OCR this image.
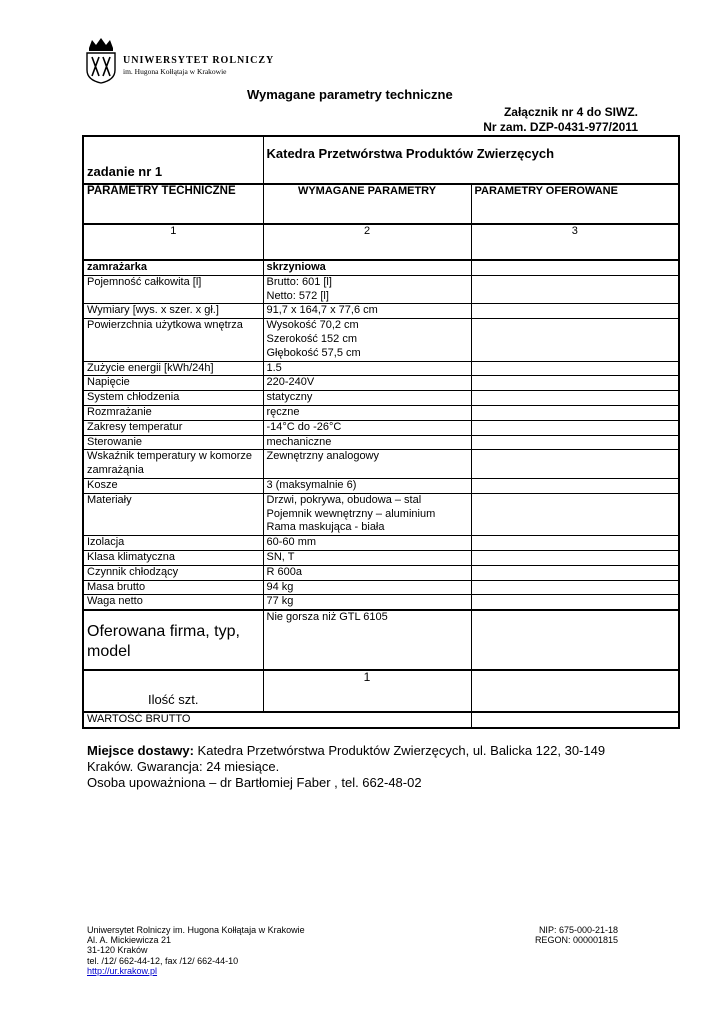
UNIWERSYTET ROLNICZY
im. Hugona Kołłątaja w Krakowie
Wymagane parametry techniczne
Załącznik nr 4 do SIWZ.
Nr zam. DZP-0431-977/2011
zadanie nr 1	Katedra Przetwórstwa Produktów Zwierzęcych	
PARAMETRY TECHNICZNE	WYMAGANE PARAMETRY	PARAMETRY OFEROWANE
1	2	3
zamrażarka	skrzyniowa	
Pojemność całkowita [l]	Brutto: 601 [l]
Netto: 572 [l]	

Wymiary [wys. x szer. x gł.]	91,7 x 164,7 x 77,6 cm	

Powierzchnia użytkowa wnętrza	Wysokość 70,2 cm
Szerokość 152 cm
Głębokość 57,5 cm	

Zużycie energii [kWh/24h]	1.5	

Napięcie	220-240V	

System chłodzenia	statyczny	

Rozmrażanie	ręczne	

Zakresy temperatur	-14°C do -26°C	

Sterowanie	mechaniczne	

Wskaźnik temperatury w komorze zamrażąnia	Zewnętrzny analogowy	

Kosze	3 (maksymalnie 6)	

Materiały	Drzwi, pokrywa, obudowa – stal
Pojemnik wewnętrzny – aluminium
Rama maskująca - biała	

Izolacja	60-60 mm	

Klasa klimatyczna	SN, T	

Czynnik chłodzący	R 600a	

Masa brutto	94 kg	

Waga netto	77 kg	

Oferowana firma, typ, model	Nie gorsza niż GTL 6105	
Ilość szt.	1	
WARTOŚĆ BRUTTO		
Miejsce dostawy: Katedra Przetwórstwa Produktów Zwierzęcych, ul. Balicka 122, 30-149 Kraków. Gwarancja: 24 miesiące.
Osoba upoważniona – dr Bartłomiej Faber , tel. 662-48-02
Uniwersytet Rolniczy im. Hugona Kołłątaja w Krakowie
Al. A. Mickiewicza 21
31-120 Kraków
tel. /12/ 662-44-12, fax /12/ 662-44-10
http://ur.krakow.pl
NIP: 675-000-21-18
REGON: 000001815
